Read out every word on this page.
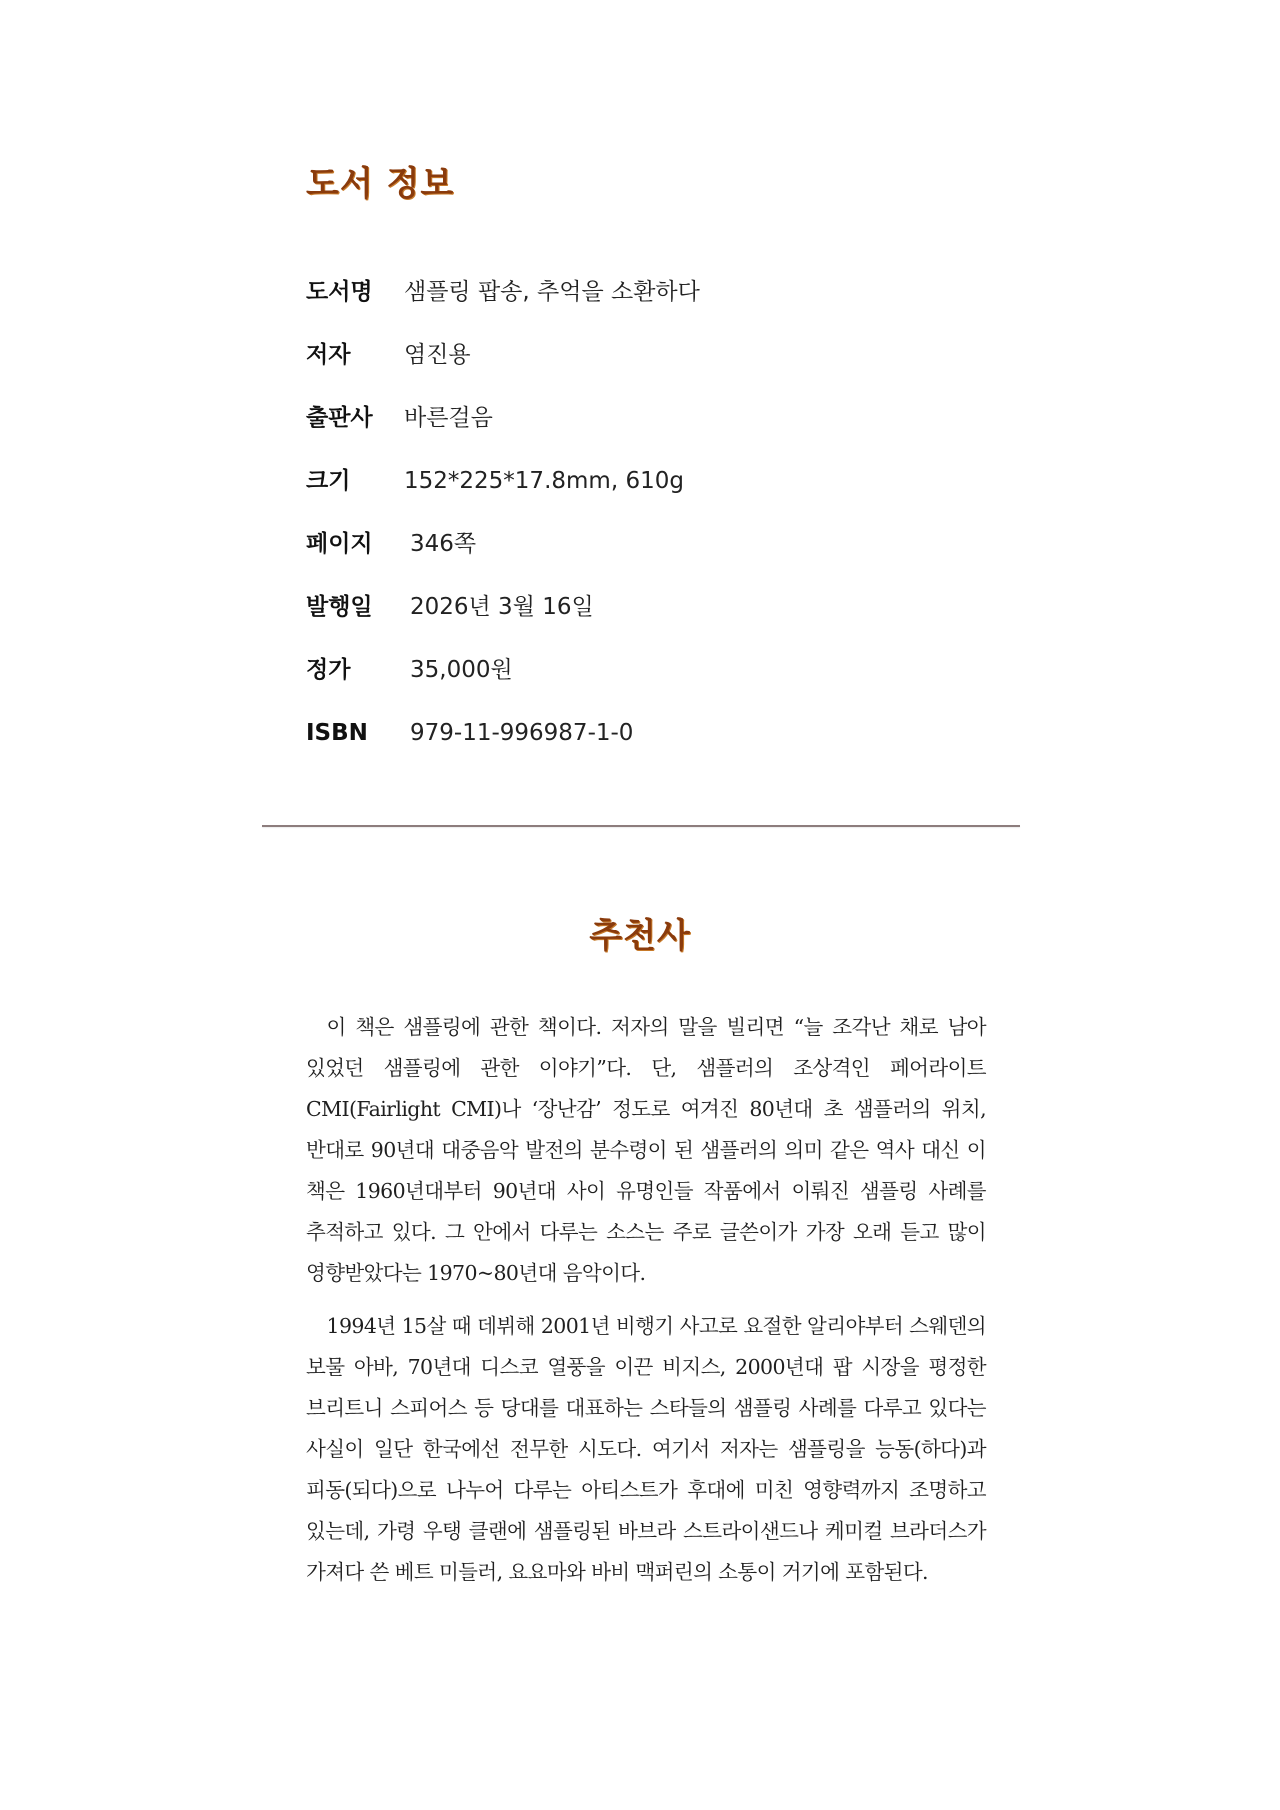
도서 정보
도서명	샘플링 팝송, 추억을 소환하다
저자	염진용
출판사	바른걸음
크기	152*225*17.8mm, 610g
페이지	346쪽
발행일	2026년 3월 16일
정가	35,000원
ISBN	979-11-996987-1-0
추천사

이 책은 샘플링에 관한 책이다. 저자의 말을 빌리면 “늘 조각난 채로 남아 있었던 샘플링에 관한 이야기”다. 단, 샘플러의 조상격인 페어라이트 CMI(Fairlight CMI)나 ‘장난감’ 정도로 여겨진 80년대 초 샘플러의 위치, 반대로 90년대 대중음악 발전의 분수령이 된 샘플러의 의미 같은 역사 대신 이 책은 1960년대부터 90년대 사이 유명인들 작품에서 이뤄진 샘플링 사례를 추적하고 있다. 그 안에서 다루는 소스는 주로 글쓴이가 가장 오래 듣고 많이 영향받았다는 1970~80년대 음악이다.

1994년 15살 때 데뷔해 2001년 비행기 사고로 요절한 알리야부터 스웨덴의 보물 아바, 70년대 디스코 열풍을 이끈 비지스, 2000년대 팝 시장을 평정한 브리트니 스피어스 등 당대를 대표하는 스타들의 샘플링 사례를 다루고 있다는 사실이 일단 한국에선 전무한 시도다. 여기서 저자는 샘플링을 능동(하다)과 피동(되다)으로 나누어 다루는 아티스트가 후대에 미친 영향력까지 조명하고 있는데, 가령 우탱 클랜에 샘플링된 바브라 스트라이샌드나 케미컬 브라더스가 가져다 쓴 베트 미들러, 요요마와 바비 맥퍼린의 소통이 거기에 포함된다.
